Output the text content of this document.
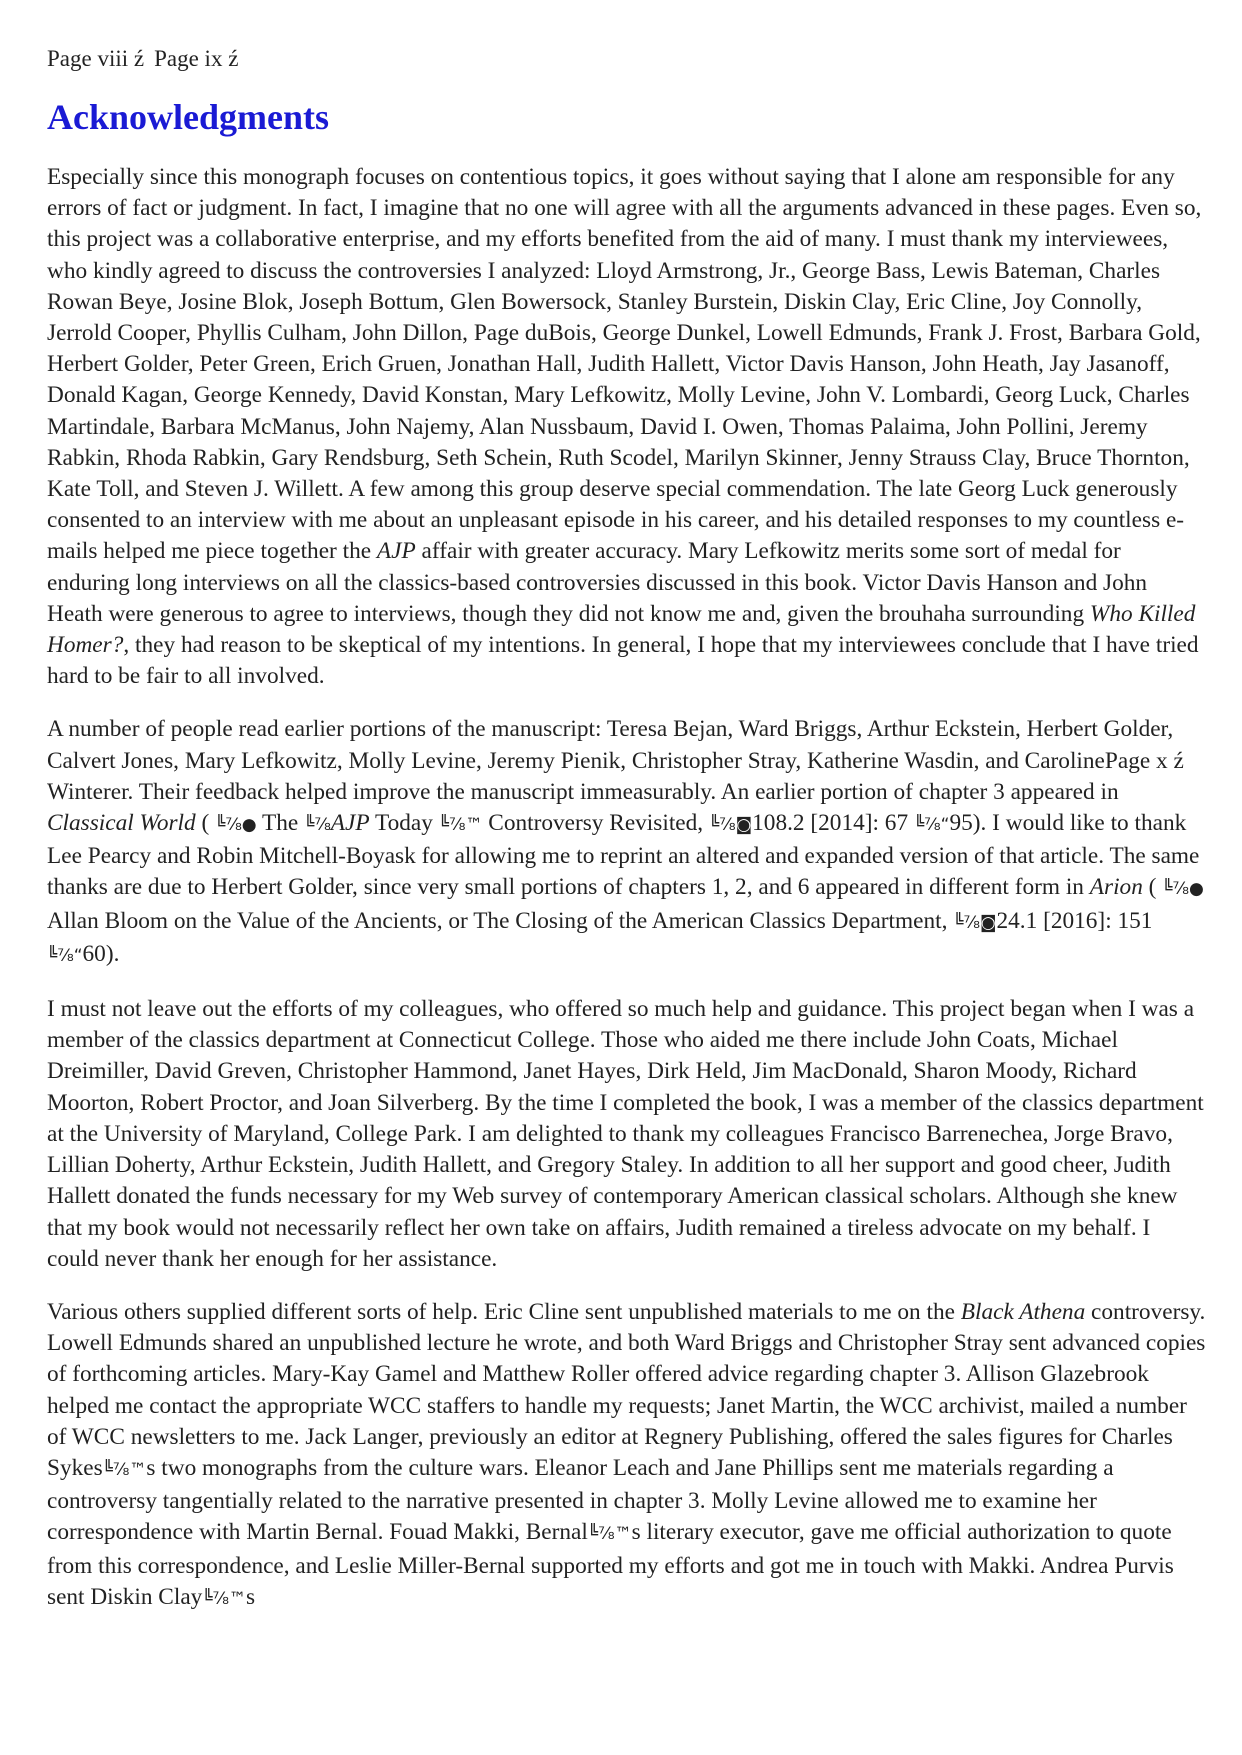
Page viii ź Page ix ź
Acknowledgments

Especially since this monograph focuses on contentious topics, it goes without saying that I alone am responsible for any errors of fact or judgment. In fact, I imagine that no one will agree with all the arguments advanced in these pages. Even so, this project was a collaborative enterprise, and my efforts benefited from the aid of many. I must thank my interviewees, who kindly agreed to discuss the controversies I analyzed: Lloyd Armstrong, Jr., George Bass, Lewis Bateman, Charles Rowan Beye, Josine Blok, Joseph Bottum, Glen Bowersock, Stanley Burstein, Diskin Clay, Eric Cline, Joy Connolly, Jerrold Cooper, Phyllis Culham, John Dillon, Page duBois, George Dunkel, Lowell Edmunds, Frank J. Frost, Barbara Gold, Herbert Golder, Peter Green, Erich Gruen, Jonathan Hall, Judith Hallett, Victor Davis Hanson, John Heath, Jay Jasanoff, Donald Kagan, George Kennedy, David Konstan, Mary Lefkowitz, Molly Levine, John V. Lombardi, Georg Luck, Charles Martindale, Barbara McManus, John Najemy, Alan Nussbaum, David I. Owen, Thomas Palaima, John Pollini, Jeremy Rabkin, Rhoda Rabkin, Gary Rendsburg, Seth Schein, Ruth Scodel, Marilyn Skinner, Jenny Strauss Clay, Bruce Thornton, Kate Toll, and Steven J. Willett. A few among this group deserve special commendation. The late Georg Luck generously consented to an interview with me about an unpleasant episode in his career, and his detailed responses to my countless e-mails helped me piece together the AJP affair with greater accuracy. Mary Lefkowitz merits some sort of medal for enduring long interviews on all the classics-based controversies discussed in this book. Victor Davis Hanson and John Heath were generous to agree to interviews, though they did not know me and, given the brouhaha surrounding Who Killed Homer?, they had reason to be skeptical of my intentions. In general, I hope that my interviewees conclude that I have tried hard to be fair to all involved.

A number of people read earlier portions of the manuscript: Teresa Bejan, Ward Briggs, Arthur Eckstein, Herbert Golder, Calvert Jones, Mary Lefkowitz, Molly Levine, Jeremy Pienik, Christopher Stray, Katherine Wasdin, and CarolinePage x ź Winterer. Their feedback helped improve the manuscript immeasurably. An earlier portion of chapter 3 appeared in Classical World ( ╚⅞● The ╚⅞AJP Today ╚⅞™ Controversy Revisited, ╚⅞◙108.2 [2014]: 67 ╚⅞“95). I would like to thank Lee Pearcy and Robin Mitchell-Boyask for allowing me to reprint an altered and expanded version of that article. The same thanks are due to Herbert Golder, since very small portions of chapters 1, 2, and 6 appeared in different form in Arion ( ╚⅞● Allan Bloom on the Value of the Ancients, or The Closing of the American Classics Department, ╚⅞◙24.1 [2016]: 151 ╚⅞“60).

I must not leave out the efforts of my colleagues, who offered so much help and guidance. This project began when I was a member of the classics department at Connecticut College. Those who aided me there include John Coats, Michael Dreimiller, David Greven, Christopher Hammond, Janet Hayes, Dirk Held, Jim MacDonald, Sharon Moody, Richard Moorton, Robert Proctor, and Joan Silverberg. By the time I completed the book, I was a member of the classics department at the University of Maryland, College Park. I am delighted to thank my colleagues Francisco Barrenechea, Jorge Bravo, Lillian Doherty, Arthur Eckstein, Judith Hallett, and Gregory Staley. In addition to all her support and good cheer, Judith Hallett donated the funds necessary for my Web survey of contemporary American classical scholars. Although she knew that my book would not necessarily reflect her own take on affairs, Judith remained a tireless advocate on my behalf. I could never thank her enough for her assistance.

Various others supplied different sorts of help. Eric Cline sent unpublished materials to me on the Black Athena controversy. Lowell Edmunds shared an unpublished lecture he wrote, and both Ward Briggs and Christopher Stray sent advanced copies of forthcoming articles. Mary-Kay Gamel and Matthew Roller offered advice regarding chapter 3. Allison Glazebrook helped me contact the appropriate WCC staffers to handle my requests; Janet Martin, the WCC archivist, mailed a number of WCC newsletters to me. Jack Langer, previously an editor at Regnery Publishing, offered the sales figures for Charles Sykes╚⅞™s two monographs from the culture wars. Eleanor Leach and Jane Phillips sent me materials regarding a controversy tangentially related to the narrative presented in chapter 3. Molly Levine allowed me to examine her correspondence with Martin Bernal. Fouad Makki, Bernal╚⅞™s literary executor, gave me official authorization to quote from this correspondence, and Leslie Miller-Bernal supported my efforts and got me in touch with Makki. Andrea Purvis sent Diskin Clay╚⅞™s
